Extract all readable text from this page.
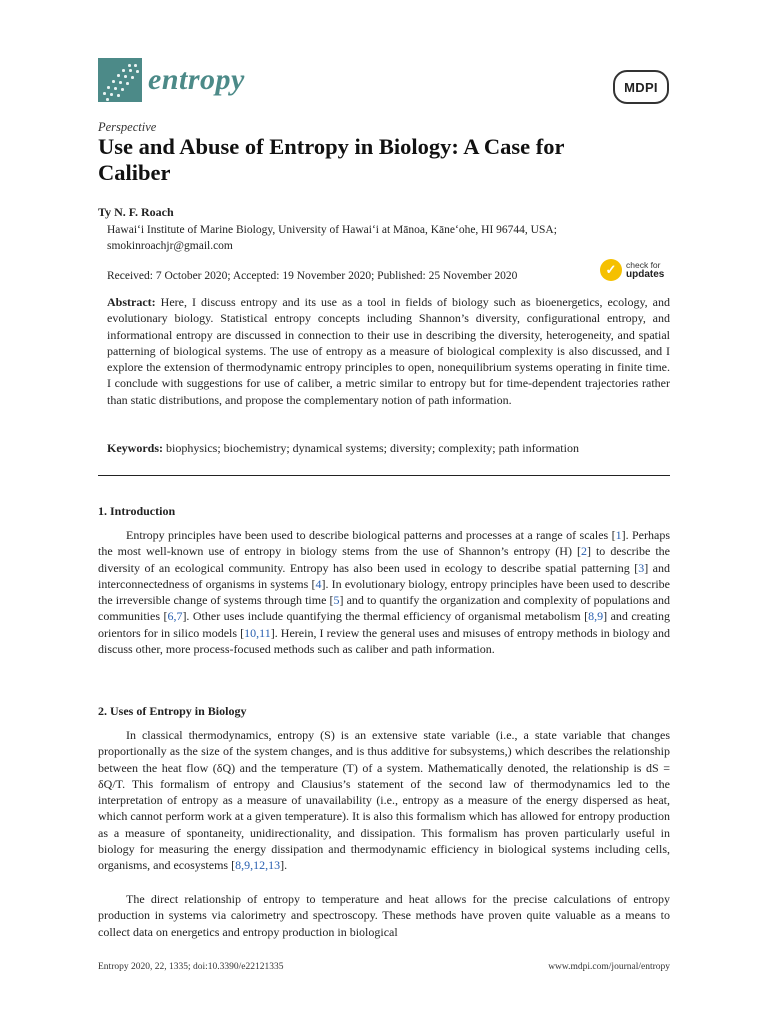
entropy	MDPI
Perspective
Use and Abuse of Entropy in Biology: A Case for Caliber
Ty N. F. Roach
Hawai‘i Institute of Marine Biology, University of Hawai‘i at Mānoa, Kāne‘ohe, HI 96744, USA;
smokinroachjr@gmail.com
Received: 7 October 2020; Accepted: 19 November 2020; Published: 25 November 2020	✓ check for
updates

Abstract: Here, I discuss entropy and its use as a tool in fields of biology such as bioenergetics, ecology, and evolutionary biology. Statistical entropy concepts including Shannon’s diversity, configurational entropy, and informational entropy are discussed in connection to their use in describing the diversity, heterogeneity, and spatial patterning of biological systems. The use of entropy as a measure of biological complexity is also discussed, and I explore the extension of thermodynamic entropy principles to open, nonequilibrium systems operating in finite time. I conclude with suggestions for use of caliber, a metric similar to entropy but for time-dependent trajectories rather than static distributions, and propose the complementary notion of path information.

Keywords: biophysics; biochemistry; dynamical systems; diversity; complexity; path information
1. Introduction

Entropy principles have been used to describe biological patterns and processes at a range of scales [1]. Perhaps the most well-known use of entropy in biology stems from the use of Shannon’s entropy (H) [2] to describe the diversity of an ecological community. Entropy has also been used in ecology to describe spatial patterning [3] and interconnectedness of organisms in systems [4]. In evolutionary biology, entropy principles have been used to describe the irreversible change of systems through time [5] and to quantify the organization and complexity of populations and communities [6,7]. Other uses include quantifying the thermal efficiency of organismal metabolism [8,9] and creating orientors for in silico models [10,11]. Herein, I review the general uses and misuses of entropy methods in biology and discuss other, more process-focused methods such as caliber and path information.

2. Uses of Entropy in Biology

In classical thermodynamics, entropy (S) is an extensive state variable (i.e., a state variable that changes proportionally as the size of the system changes, and is thus additive for subsystems,) which describes the relationship between the heat flow (δQ) and the temperature (T) of a system. Mathematically denoted, the relationship is dS = δQ/T. This formalism of entropy and Clausius’s statement of the second law of thermodynamics led to the interpretation of entropy as a measure of unavailability (i.e., entropy as a measure of the energy dispersed as heat, which cannot perform work at a given temperature). It is also this formalism which has allowed for entropy production as a measure of spontaneity, unidirectionality, and dissipation. This formalism has proven particularly useful in biology for measuring the energy dissipation and thermodynamic efficiency in biological systems including cells, organisms, and ecosystems [8,9,12,13].

The direct relationship of entropy to temperature and heat allows for the precise calculations of entropy production in systems via calorimetry and spectroscopy. These methods have proven quite valuable as a means to collect data on energetics and entropy production in biological

Entropy 2020, 22, 1335; doi:10.3390/e22121335	www.mdpi.com/journal/entropy
